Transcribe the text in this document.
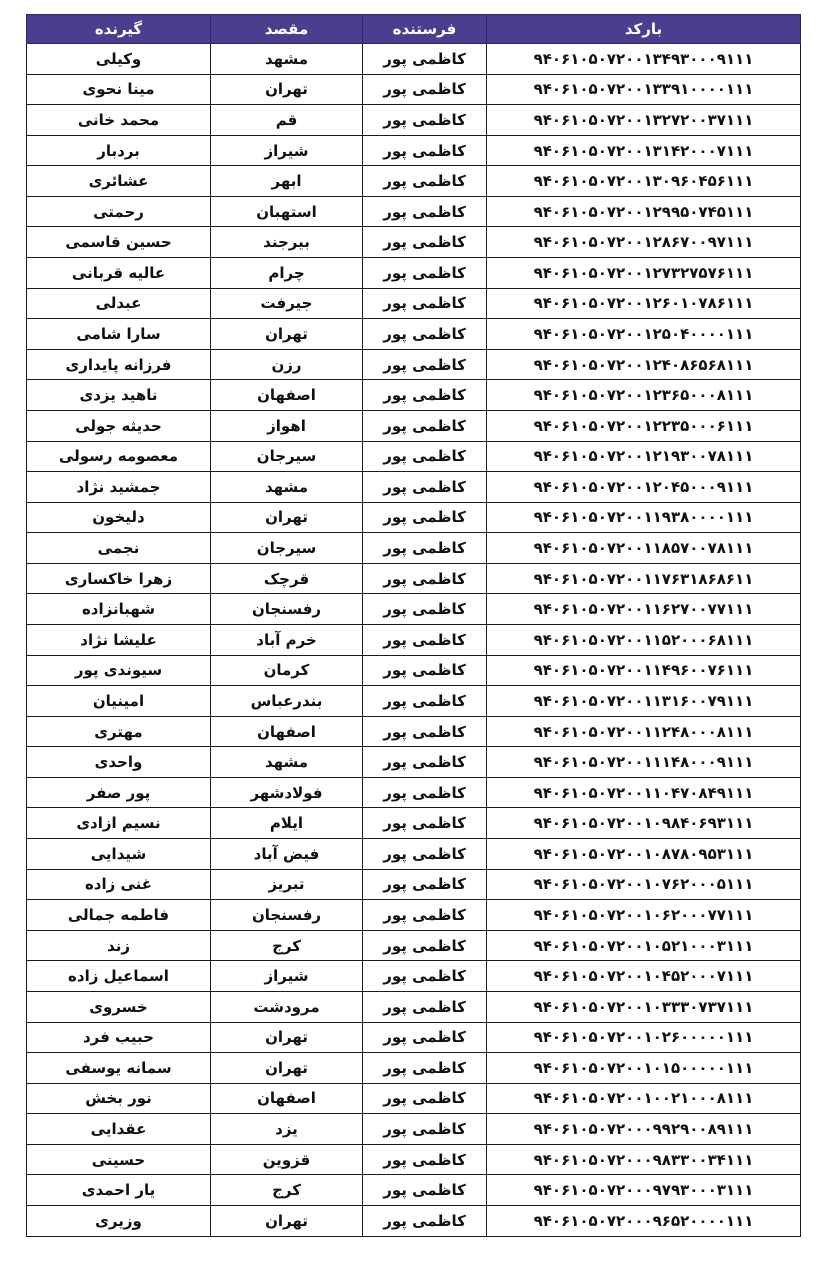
بارکد	فرستنده	مقصد	گیرنده
۹۴۰۶۱۰۵۰۷۲۰۰۱۳۴۹۳۰۰۰۹۱۱۱	کاظمی پور	مشهد	وکیلی
۹۴۰۶۱۰۵۰۷۲۰۰۱۳۳۹۱۰۰۰۰۱۱۱	کاظمی پور	تهران	مینا نحوی
۹۴۰۶۱۰۵۰۷۲۰۰۱۳۲۷۲۰۰۳۷۱۱۱	کاظمی پور	قم	محمد خانی
۹۴۰۶۱۰۵۰۷۲۰۰۱۳۱۴۲۰۰۰۷۱۱۱	کاظمی پور	شیراز	بردبار
۹۴۰۶۱۰۵۰۷۲۰۰۱۳۰۹۶۰۴۵۶۱۱۱	کاظمی پور	ابهر	عشائری
۹۴۰۶۱۰۵۰۷۲۰۰۱۲۹۹۵۰۷۴۵۱۱۱	کاظمی پور	استهبان	رحمتی
۹۴۰۶۱۰۵۰۷۲۰۰۱۲۸۶۷۰۰۹۷۱۱۱	کاظمی پور	بیرجند	حسین قاسمی
۹۴۰۶۱۰۵۰۷۲۰۰۱۲۷۳۲۷۵۷۶۱۱۱	کاظمی پور	چرام	عالیه قربانی
۹۴۰۶۱۰۵۰۷۲۰۰۱۲۶۰۱۰۷۸۶۱۱۱	کاظمی پور	جیرفت	عبدلی
۹۴۰۶۱۰۵۰۷۲۰۰۱۲۵۰۴۰۰۰۰۱۱۱	کاظمی پور	تهران	سارا شامی
۹۴۰۶۱۰۵۰۷۲۰۰۱۲۴۰۸۶۵۶۸۱۱۱	کاظمی پور	رزن	فرزانه پایداری
۹۴۰۶۱۰۵۰۷۲۰۰۱۲۳۶۵۰۰۰۸۱۱۱	کاظمی پور	اصفهان	ناهید یزدی
۹۴۰۶۱۰۵۰۷۲۰۰۱۲۲۳۵۰۰۰۶۱۱۱	کاظمی پور	اهواز	حدیثه جولی
۹۴۰۶۱۰۵۰۷۲۰۰۱۲۱۹۳۰۰۷۸۱۱۱	کاظمی پور	سیرجان	معصومه رسولی
۹۴۰۶۱۰۵۰۷۲۰۰۱۲۰۴۵۰۰۰۹۱۱۱	کاظمی پور	مشهد	جمشید نژاد
۹۴۰۶۱۰۵۰۷۲۰۰۱۱۹۳۸۰۰۰۰۱۱۱	کاظمی پور	تهران	دلیخون
۹۴۰۶۱۰۵۰۷۲۰۰۱۱۸۵۷۰۰۷۸۱۱۱	کاظمی پور	سیرجان	نجمی
۹۴۰۶۱۰۵۰۷۲۰۰۱۱۷۶۳۱۸۶۸۶۱۱	کاظمی پور	قرچک	زهرا خاکساری
۹۴۰۶۱۰۵۰۷۲۰۰۱۱۶۲۷۰۰۷۷۱۱۱	کاظمی پور	رفسنجان	شهبانزاده
۹۴۰۶۱۰۵۰۷۲۰۰۱۱۵۲۰۰۰۶۸۱۱۱	کاظمی پور	خرم آباد	علیشا نژاد
۹۴۰۶۱۰۵۰۷۲۰۰۱۱۴۹۶۰۰۷۶۱۱۱	کاظمی پور	کرمان	سیوندی پور
۹۴۰۶۱۰۵۰۷۲۰۰۱۱۳۱۶۰۰۷۹۱۱۱	کاظمی پور	بندرعباس	امینیان
۹۴۰۶۱۰۵۰۷۲۰۰۱۱۲۴۸۰۰۰۸۱۱۱	کاظمی پور	اصفهان	مهتری
۹۴۰۶۱۰۵۰۷۲۰۰۱۱۱۴۸۰۰۰۹۱۱۱	کاظمی پور	مشهد	واحدی
۹۴۰۶۱۰۵۰۷۲۰۰۱۱۰۴۷۰۸۴۹۱۱۱	کاظمی پور	فولادشهر	پور صفر
۹۴۰۶۱۰۵۰۷۲۰۰۱۰۹۸۴۰۶۹۳۱۱۱	کاظمی پور	ایلام	نسیم ازادی
۹۴۰۶۱۰۵۰۷۲۰۰۱۰۸۷۸۰۹۵۳۱۱۱	کاظمی پور	فیض آباد	شیدایی
۹۴۰۶۱۰۵۰۷۲۰۰۱۰۷۶۲۰۰۰۵۱۱۱	کاظمی پور	تبریز	غنی زاده
۹۴۰۶۱۰۵۰۷۲۰۰۱۰۶۲۰۰۰۷۷۱۱۱	کاظمی پور	رفسنجان	فاطمه جمالی
۹۴۰۶۱۰۵۰۷۲۰۰۱۰۵۲۱۰۰۰۳۱۱۱	کاظمی پور	کرج	زند
۹۴۰۶۱۰۵۰۷۲۰۰۱۰۴۵۲۰۰۰۷۱۱۱	کاظمی پور	شیراز	اسماعیل زاده
۹۴۰۶۱۰۵۰۷۲۰۰۱۰۳۳۳۰۷۳۷۱۱۱	کاظمی پور	مرودشت	خسروی
۹۴۰۶۱۰۵۰۷۲۰۰۱۰۲۶۰۰۰۰۰۱۱۱	کاظمی پور	تهران	حبیب فرد
۹۴۰۶۱۰۵۰۷۲۰۰۱۰۱۵۰۰۰۰۰۱۱۱	کاظمی پور	تهران	سمانه یوسفی
۹۴۰۶۱۰۵۰۷۲۰۰۱۰۰۲۱۰۰۰۸۱۱۱	کاظمی پور	اصفهان	نور بخش
۹۴۰۶۱۰۵۰۷۲۰۰۰۹۹۲۹۰۰۸۹۱۱۱	کاظمی پور	یزد	عقدایی
۹۴۰۶۱۰۵۰۷۲۰۰۰۹۸۳۳۰۰۳۴۱۱۱	کاظمی پور	قزوین	حسینی
۹۴۰۶۱۰۵۰۷۲۰۰۰۹۷۹۳۰۰۰۳۱۱۱	کاظمی پور	کرج	یار احمدی
۹۴۰۶۱۰۵۰۷۲۰۰۰۹۶۵۲۰۰۰۰۱۱۱	کاظمی پور	تهران	وزیری
